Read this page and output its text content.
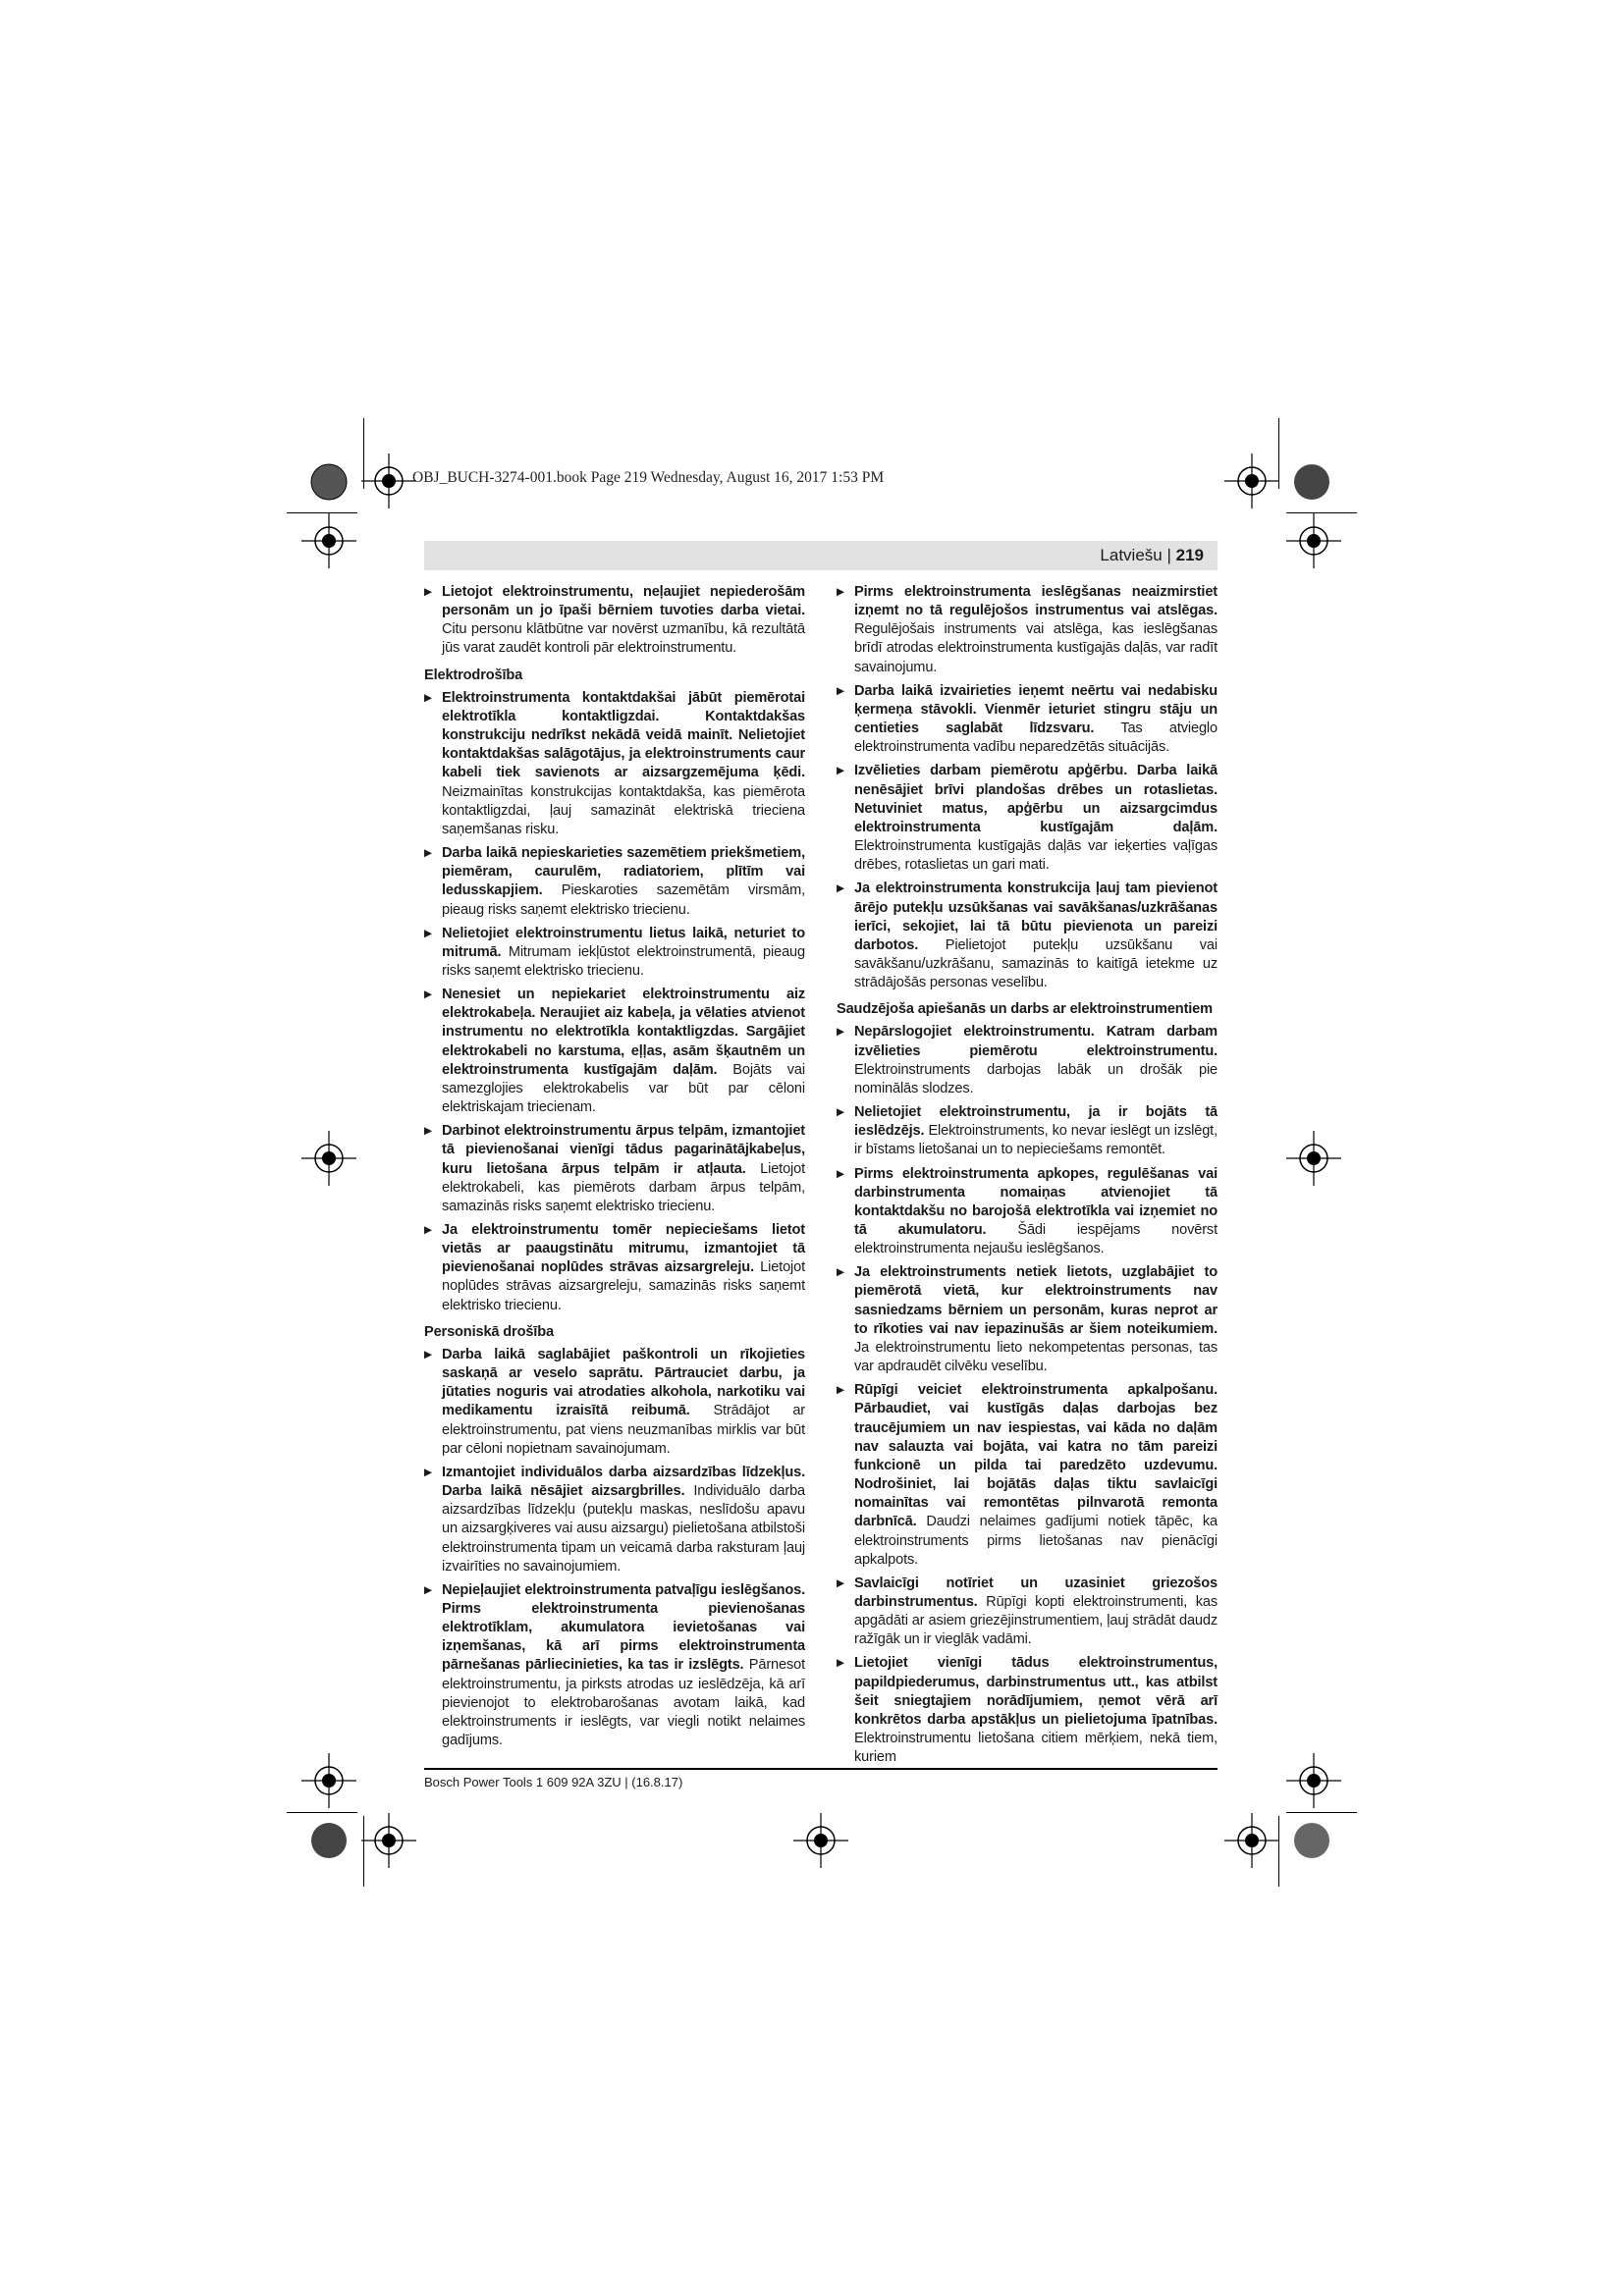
OBJ_BUCH-3274-001.book Page 219 Wednesday, August 16, 2017 1:53 PM
Latviešu | 219
▶ Lietojot elektroinstrumentu, neļaujiet nepiederošām personām un jo īpaši bērniem tuvoties darba vietai. Citu personu klātbūtne var novērst uzmanību, kā rezultātā jūs varat zaudēt kontroli pār elektroinstrumentu.
Elektrodrošība
▶ Elektroinstrumenta kontaktdakšai jābūt piemērotai elektrotīkla kontaktligzdai. Kontaktdakšas konstrukciju nedrīkst nekādā veidā mainīt. Nelietojiet kontaktdakšas salāgotājus, ja elektroinstruments caur kabeli tiek savienots ar aizsargzemējuma ķēdi. Neizmainītas konstrukcijas kontaktdakša, kas piemērota kontaktligzdai, ļauj samazināt elektriskā trieciena saņemšanas risku.
▶ Darba laikā nepieskarieties sazemētiem priekšmetiem, piemēram, caurulēm, radiatoriem, plītīm vai ledusskapjiem. Pieskaroties sazemētām virsmām, pieaug risks saņemt elektrisko triecienu.
▶ Nelietojiet elektroinstrumentu lietus laikā, neturiet to mitrumā. Mitrumam iekļūstot elektroinstrumentā, pieaug risks saņemt elektrisko triecienu.
▶ Nenesiet un nepiekariet elektroinstrumentu aiz elektrokabeļa. Neraujiet aiz kabeļa, ja vēlaties atvienot instrumentu no elektrotīkla kontaktligzdas. Sargājiet elektrokabeli no karstuma, eļļas, asām šķautnēm un elektroinstrumenta kustīgajām daļām. Bojāts vai samezglojies elektrokabelis var būt par cēloni elektriskajam triecienam.
▶ Darbinot elektroinstrumentu ārpus telpām, izmantojiet tā pievienošanai vienīgi tādus pagarinātājkabeļus, kuru lietošana ārpus telpām ir atļauta. Lietojot elektrokabeli, kas piemērots darbam ārpus telpām, samazinās risks saņemt elektrisko triecienu.
▶ Ja elektroinstrumentu tomēr nepieciešams lietot vietās ar paaugstinātu mitrumu, izmantojiet tā pievienošanai noplūdes strāvas aizsargreleju. Lietojot noplūdes strāvas aizsargreleju, samazinās risks saņemt elektrisko triecienu.
Personiskā drošība
▶ Darba laikā saglabājiet paškontroli un rīkojieties saskaņā ar veselo saprātu. Pārtrauciet darbu, ja jūtaties noguris vai atrodaties alkohola, narkotiku vai medikamentu izraisītā reibumā. Strādājot ar elektroinstrumentu, pat viens neuzmanības mirklis var būt par cēloni nopietnam savainojumam.
▶ Izmantojiet individuālos darba aizsardzības līdzekļus. Darba laikā nēsājiet aizsargbrilles. Individuālo darba aizsardzības līdzekļu (putekļu maskas, neslīdošu apavu un aizsargķiveres vai ausu aizsargu) pielietošana atbilstoši elektroinstrumenta tipam un veicamā darba raksturam ļauj izvairīties no savainojumiem.
▶ Nepieļaujiet elektroinstrumenta patvaļīgu ieslēgšanos. Pirms elektroinstrumenta pievienošanas elektrotīklam, akumulatora ievietošanas vai izņemšanas, kā arī pirms elektroinstrumenta pārnešanas pārliecinieties, ka tas ir izslēgts. Pārnesot elektroinstrumentu, ja pirksts atrodas uz ieslēdzēja, kā arī pievienojot to elektrobarošanas avotam laikā, kad elektroinstruments ir ieslēgts, var viegli notikt nelaimes gadījums.
▶ Pirms elektroinstrumenta ieslēgšanas neaizmirstiet izņemt no tā regulējošos instrumentus vai atslēgas. Regulējošais instruments vai atslēga, kas ieslēgšanas brīdī atrodas elektroinstrumenta kustīgajās daļās, var radīt savainojumu.
▶ Darba laikā izvairieties ieņemt neērtu vai nedabisku ķermeņa stāvokli. Vienmēr ieturiet stingru stāju un centieties saglabāt līdzsvaru. Tas atvieglo elektroinstrumenta vadību neparedzētās situācijās.
▶ Izvēlieties darbam piemērotu apģērbu. Darba laikā nenēsājiet brīvi plandošas drēbes un rotaslietas. Netuviniet matus, apģērbu un aizsargcimdus elektroinstrumenta kustīgajām daļām. Elektroinstrumenta kustīgajās daļās var ieķerties vaļīgas drēbes, rotaslietas un gari mati.
▶ Ja elektroinstrumenta konstrukcija ļauj tam pievienot ārējo putekļu uzsūkšanas vai savākšanas/uzkrāšanas ierīci, sekojiet, lai tā būtu pievienota un pareizi darbotos. Pielietojot putekļu uzsūkšanu vai savākšanu/uzkrāšanu, samazinās to kaitīgā ietekme uz strādājošās personas veselību.
Saudzējoša apiešanās un darbs ar elektroinstrumentiem
▶ Nepārslogojiet elektroinstrumentu. Katram darbam izvēlieties piemērotu elektroinstrumentu. Elektroinstruments darbojas labāk un drošāk pie nominālās slodzes.
▶ Nelietojiet elektroinstrumentu, ja ir bojāts tā ieslēdzējs. Elektroinstruments, ko nevar ieslēgt un izslēgt, ir bīstams lietošanai un to nepieciešams remontēt.
▶ Pirms elektroinstrumenta apkopes, regulēšanas vai darbinstrumenta nomaiņas atvienojiet tā kontaktdakšu no barojošā elektrotīkla vai izņemiet no tā akumulatoru. Šādi iespējams novērst elektroinstrumenta nejaušu ieslēgšanos.
▶ Ja elektroinstruments netiek lietots, uzglabājiet to piemērotā vietā, kur elektroinstruments nav sasniedzams bērniem un personām, kuras neprot ar to rīkoties vai nav iepazinušās ar šiem noteikumiem. Ja elektroinstrumentu lieto nekompetentas personas, tas var apdraudēt cilvēku veselību.
▶ Rūpīgi veiciet elektroinstrumenta apkalpošanu. Pārbaudiet, vai kustīgās daļas darbojas bez traucējumiem un nav iespiestas, vai kāda no daļām nav salauzta vai bojāta, vai katra no tām pareizi funkcionē un pilda tai paredzēto uzdevumu. Nodrošiniet, lai bojātās daļas tiktu savlaicīgi nomainītas vai remontētas pilnvarotā remonta darbnīcā. Daudzi nelaimes gadījumi notiek tāpēc, ka elektroinstruments pirms lietošanas nav pienācīgi apkalpots.
▶ Savlaicīgi notīriet un uzasiniet griezošos darbinstrumentus. Rūpīgi kopti elektroinstrumenti, kas apgādāti ar asiem griezējinstrumentiem, ļauj strādāt daudz ražīgāk un ir vieglāk vadāmi.
▶ Lietojiet vienīgi tādus elektroinstrumentus, papildpiederumus, darbinstrumentus utt., kas atbilst šeit sniegtajiem norādījumiem, ņemot vērā arī konkrētos darba apstākļus un pielietojuma īpatnības. Elektroinstrumentu lietošana citiem mērķiem, nekā tiem, kuriem
Bosch Power Tools 1 609 92A 3ZU | (16.8.17)
